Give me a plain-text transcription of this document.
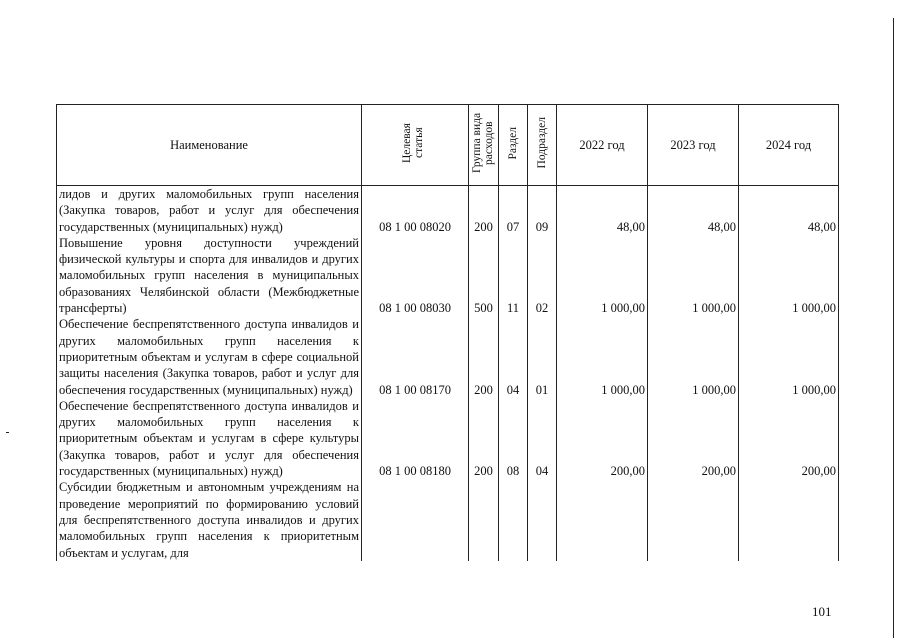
Наименование	Целевая статья	Группа вида расходов	Раздел	Подраздел	2022 год	2023 год	2024 год
лидов и других маломобильных групп населения (Закупка товаров, работ и услуг для обеспечения государственных (муниципальных) нужд)	08 1 00 08020	200	07	09	48,00	48,00	48,00
Повышение уровня доступности учреждений физической культуры и спорта для инвалидов и других маломобильных групп населения в муниципальных образованиях Челябинской области (Межбюджетные трансферты)	08 1 00 08030	500	11	02	1 000,00	1 000,00	1 000,00
Обеспечение беспрепятственного доступа инвалидов и других маломобильных групп населения к приоритетным объектам и услугам в сфере социальной защиты населения (Закупка товаров, работ и услуг для обеспечения государственных (муниципальных) нужд)	08 1 00 08170	200	04	01	1 000,00	1 000,00	1 000,00
Обеспечение беспрепятственного доступа инвалидов и других маломобильных групп населения к приоритетным объектам и услугам в сфере культуры (Закупка товаров, работ и услуг для обеспечения государственных (муниципальных) нужд)	08 1 00 08180	200	08	04	200,00	200,00	200,00
Субсидии бюджетным и автономным учреждениям на проведение мероприятий по формированию условий для беспрепятственного доступа инвалидов и других маломобильных групп населения к приоритетным объектам и услугам, для							
101
